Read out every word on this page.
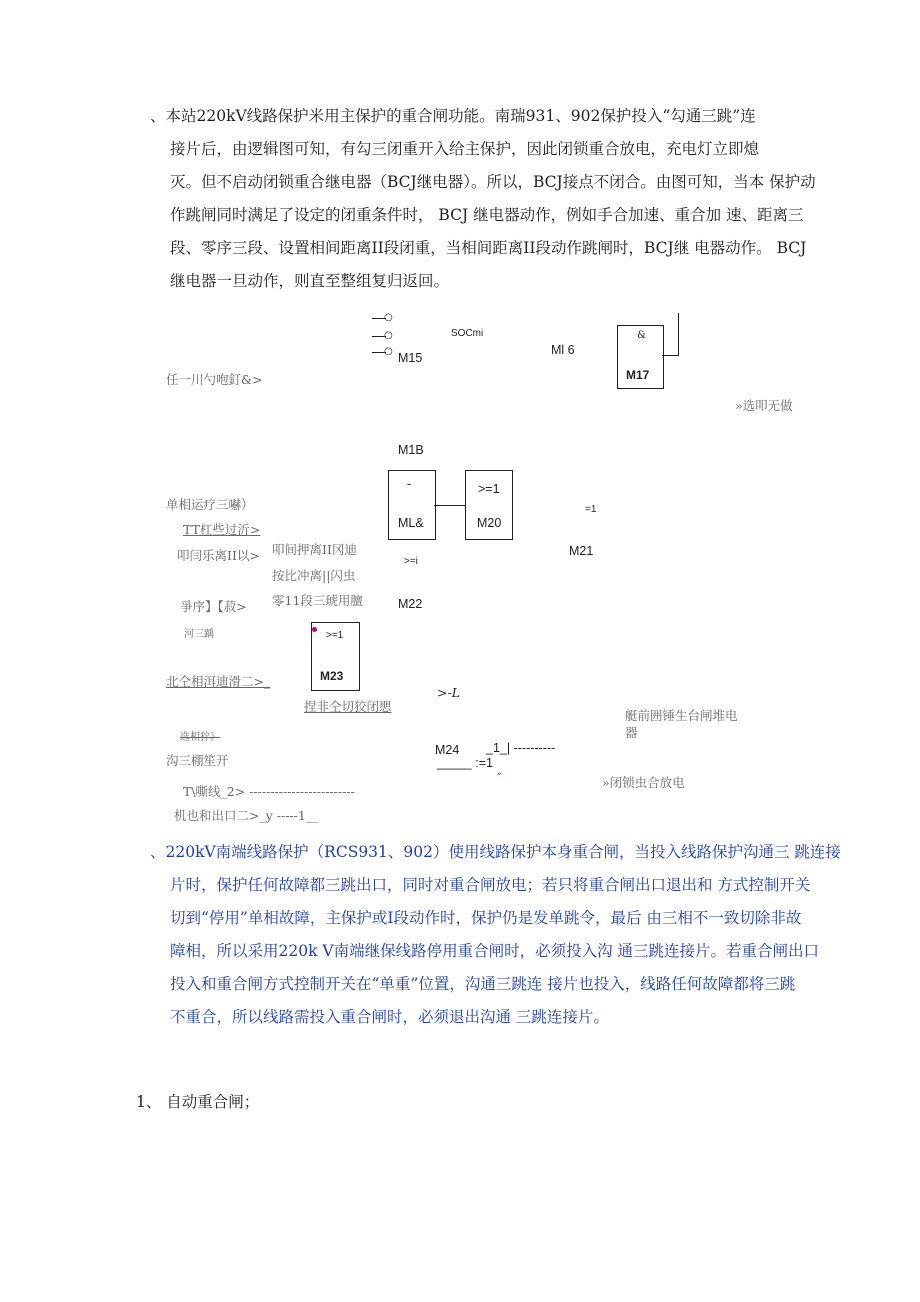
、本站220kV线路保护米用主保护的重合闸功能。南瑞931、902保护投入“勾通三跳”连
接片后，由逻辑图可知，有勾三闭重开入给主保护，因此闭锁重合放电，充电灯立即熄
灭。但不启动闭锁重合继电器（BCJ继电器）。所以，BCJ接点不闭合。由图可知，当本 保护动
作跳闸同时满足了设定的闭重条件时， BCJ 继电器动作，例如手合加速、重合加 速、距离三
段、零序三段、设置相间距离II段闭重，当相间距离II段动作跳闸时，BCJ继 电器动作。 BCJ
继电器一旦动作，则直至整组复归返回。
○
○
○ M15
SOCmi
Ml 6
&
M17
任一川勺咆釘&>
»选叩无做
M1B
-
ML&
>=1
M20
=1
M21
单相运疗三嚇）
TT杠些过沂>
叩闫乐离II以> 叩间押离II冈迪
按比冲离||闪虫
零11段三琥用膻
>=i
M22
爭序】【菽>
河三踽	>=1
M23
北仝相洱迪滑二>_
捏非仝切狡闭愳
>-L
艇前囲锤生台闸堆电
器
选相狞》
沟三棚笙开
M24 _1_| ----------
_____ :=1
″	»闭锁虫合放电
T\嘶线_2> -------------------------
机也和出口二>_y -----1__
、220kV南端线路保护（RCS931、902）使用线路保护本身重合闸，当投入线路保护沟通三 跳连接
片时，保护任何故障都三跳出口，同时对重合闸放电；若只将重合闸出口退出和 方式控制开关
切到“停用”单相故障，主保护或I段动作时，保护仍是发单跳令，最后 由三相不一致切除非故
障相，所以采用220k V南端继保线路停用重合闸时，必须投入沟 通三跳连接片。若重合闸出口
投入和重合闸方式控制开关在“单重”位置，沟通三跳连 接片也投入，线路任何故障都将三跳
不重合，所以线路需投入重合闸时，必须退出沟通 三跳连接片。
1、 自动重合闸；
